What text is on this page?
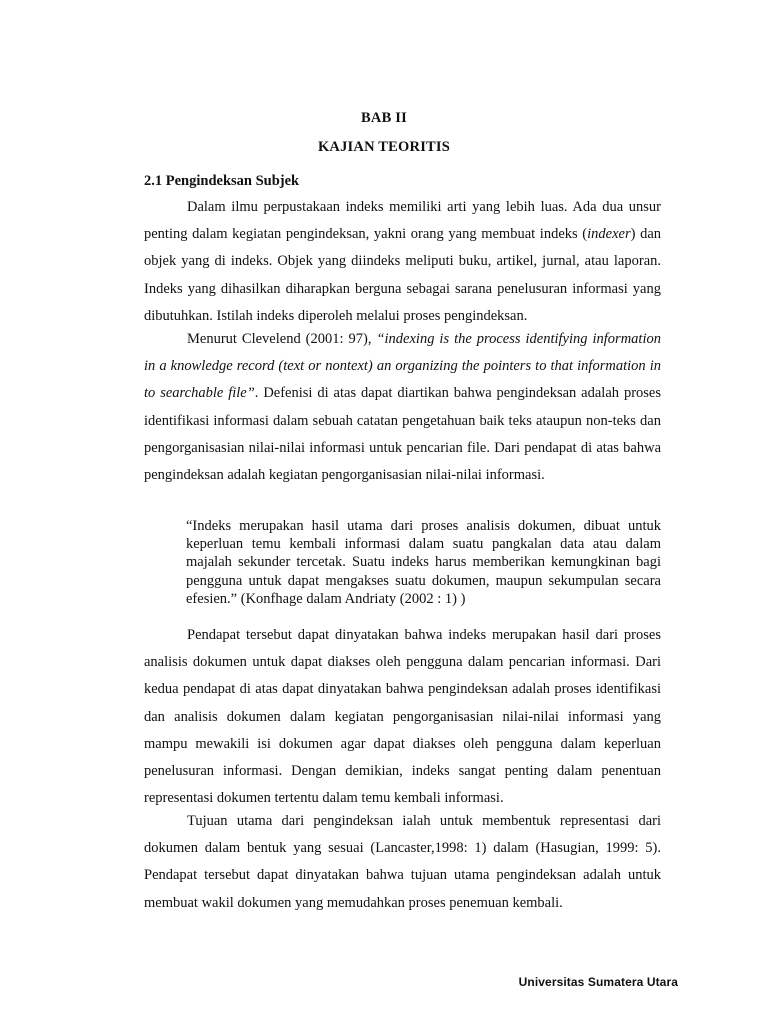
BAB II
KAJIAN TEORITIS
2.1 Pengindeksan Subjek

Dalam ilmu perpustakaan indeks memiliki arti yang lebih luas. Ada dua unsur penting dalam kegiatan pengindeksan, yakni orang yang membuat indeks (indexer) dan objek yang di indeks. Objek yang diindeks meliputi buku, artikel, jurnal, atau laporan. Indeks yang dihasilkan diharapkan berguna sebagai sarana penelusuran informasi yang dibutuhkan. Istilah indeks diperoleh melalui proses pengindeksan.

Menurut Clevelend (2001: 97), “indexing is the process identifying information in a knowledge record (text or nontext) an organizing the pointers to that information in to searchable file”. Defenisi di atas dapat diartikan bahwa pengindeksan adalah proses identifikasi informasi dalam sebuah catatan pengetahuan baik teks ataupun non-teks dan pengorganisasian nilai-nilai informasi untuk pencarian file. Dari pendapat di atas bahwa pengindeksan adalah kegiatan pengorganisasian nilai-nilai informasi.

“Indeks merupakan hasil utama dari proses analisis dokumen, dibuat untuk keperluan temu kembali informasi dalam suatu pangkalan data atau dalam majalah sekunder tercetak. Suatu indeks harus memberikan kemungkinan bagi pengguna untuk dapat mengakses suatu dokumen, maupun sekumpulan secara efesien.” (Konfhage dalam Andriaty (2002 : 1) )

Pendapat tersebut dapat dinyatakan bahwa indeks merupakan hasil dari proses analisis dokumen untuk dapat diakses oleh pengguna dalam pencarian informasi. Dari kedua pendapat di atas dapat dinyatakan bahwa pengindeksan adalah proses identifikasi dan analisis dokumen dalam kegiatan pengorganisasian nilai-nilai informasi yang mampu mewakili isi dokumen agar dapat diakses oleh pengguna dalam keperluan penelusuran informasi. Dengan demikian, indeks sangat penting dalam penentuan representasi dokumen tertentu dalam temu kembali informasi.

Tujuan utama dari pengindeksan ialah untuk membentuk representasi dari dokumen dalam bentuk yang sesuai (Lancaster,1998: 1) dalam (Hasugian, 1999: 5). Pendapat tersebut dapat dinyatakan bahwa tujuan utama pengindeksan adalah untuk membuat wakil dokumen yang memudahkan proses penemuan kembali.

Universitas Sumatera Utara
